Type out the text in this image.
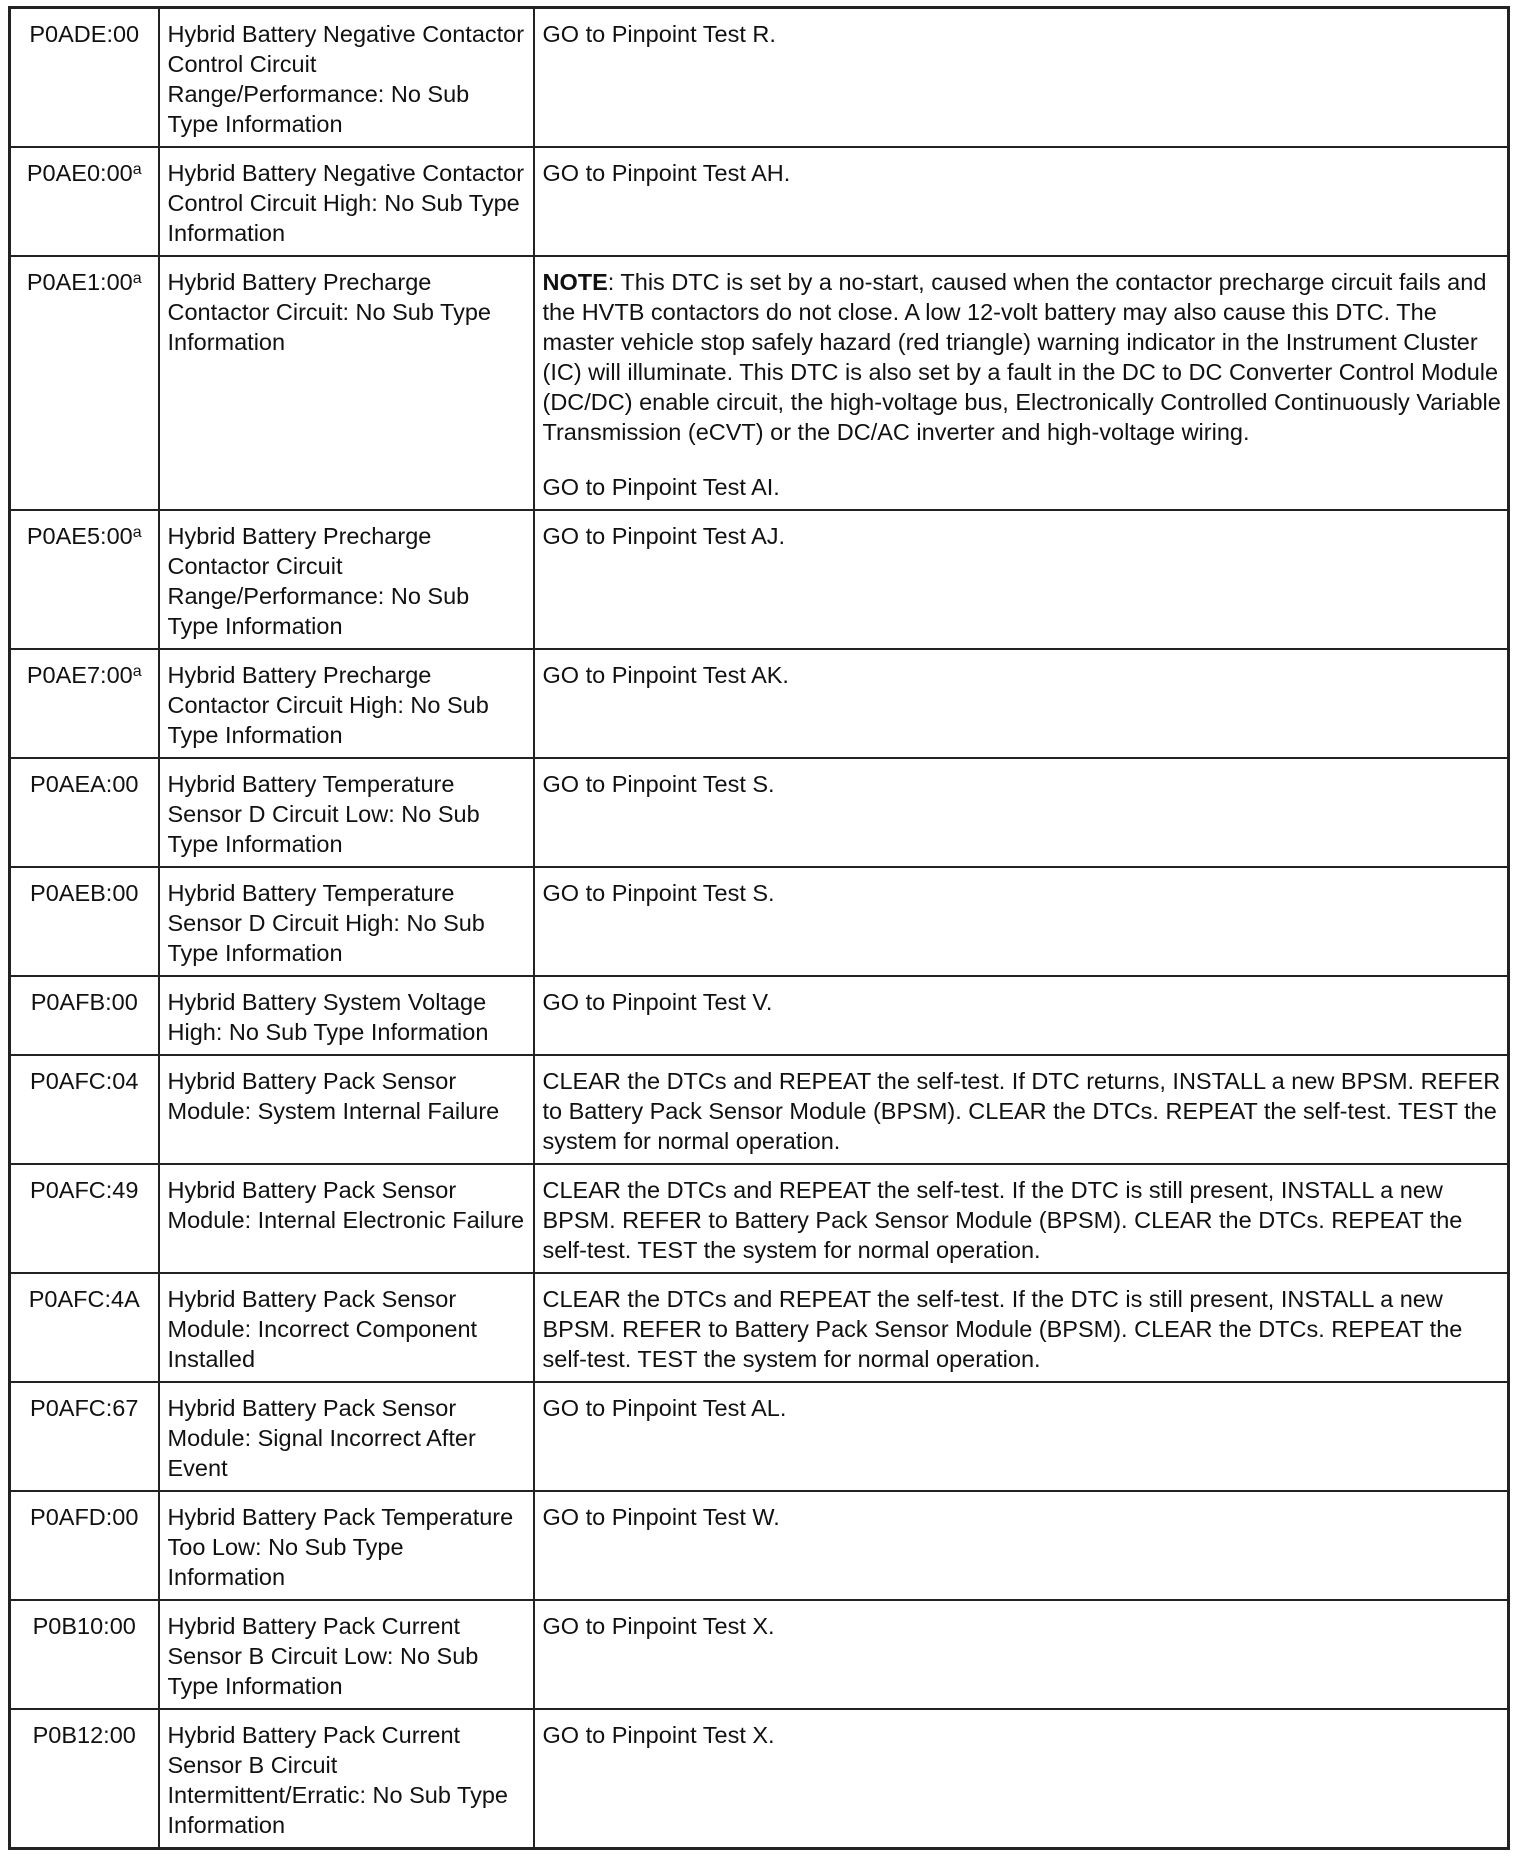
P0ADE:00	Hybrid Battery Negative Contactor Control Circuit Range/Performance: No Sub Type Information	GO to Pinpoint Test R.

P0AE0:00$^a$	Hybrid Battery Negative Contactor Control Circuit High: No Sub Type Information	GO to Pinpoint Test AH.

P0AE1:00$^a$	Hybrid Battery Precharge Contactor Circuit: No Sub Type Information	NOTE: This DTC is set by a no-start, caused when the contactor precharge circuit fails and the HVTB contactors do not close. A low 12-volt battery may also cause this DTC. The master vehicle stop safely hazard (red triangle) warning indicator in the Instrument Cluster (IC) will illuminate. This DTC is also set by a fault in the DC to DC Converter Control Module (DC/DC) enable circuit, the high-voltage bus, Electronically Controlled Continuously Variable Transmission (eCVT) or the DC/AC inverter and high-voltage wiring.

GO to Pinpoint Test AI.

P0AE5:00$^a$	Hybrid Battery Precharge Contactor Circuit Range/Performance: No Sub Type Information	GO to Pinpoint Test AJ.

P0AE7:00$^a$	Hybrid Battery Precharge Contactor Circuit High: No Sub Type Information	GO to Pinpoint Test AK.

P0AEA:00	Hybrid Battery Temperature Sensor D Circuit Low: No Sub Type Information	GO to Pinpoint Test S.

P0AEB:00	Hybrid Battery Temperature Sensor D Circuit High: No Sub Type Information	GO to Pinpoint Test S.

P0AFB:00	Hybrid Battery System Voltage High: No Sub Type Information	GO to Pinpoint Test V.

P0AFC:04	Hybrid Battery Pack Sensor Module: System Internal Failure	CLEAR the DTCs and REPEAT the self-test. If DTC returns, INSTALL a new BPSM. REFER to Battery Pack Sensor Module (BPSM). CLEAR the DTCs. REPEAT the self-test. TEST the system for normal operation.

P0AFC:49	Hybrid Battery Pack Sensor Module: Internal Electronic Failure	CLEAR the DTCs and REPEAT the self-test. If the DTC is still present, INSTALL a new BPSM. REFER to Battery Pack Sensor Module (BPSM). CLEAR the DTCs. REPEAT the self-test. TEST the system for normal operation.

P0AFC:4A	Hybrid Battery Pack Sensor Module: Incorrect Component Installed	CLEAR the DTCs and REPEAT the self-test. If the DTC is still present, INSTALL a new BPSM. REFER to Battery Pack Sensor Module (BPSM). CLEAR the DTCs. REPEAT the self-test. TEST the system for normal operation.

P0AFC:67	Hybrid Battery Pack Sensor Module: Signal Incorrect After Event	GO to Pinpoint Test AL.

P0AFD:00	Hybrid Battery Pack Temperature Too Low: No Sub Type Information	GO to Pinpoint Test W.

P0B10:00	Hybrid Battery Pack Current Sensor B Circuit Low: No Sub Type Information	GO to Pinpoint Test X.

P0B12:00	Hybrid Battery Pack Current Sensor B Circuit Intermittent/Erratic: No Sub Type Information	GO to Pinpoint Test X.
